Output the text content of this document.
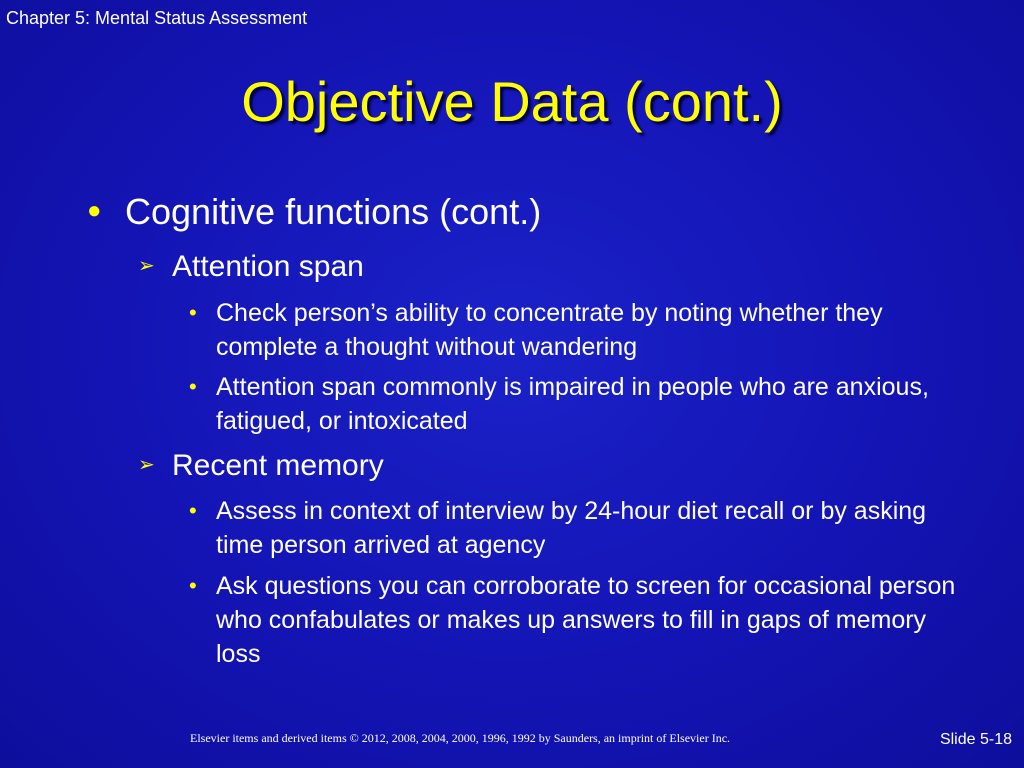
Chapter 5: Mental Status Assessment
Objective Data (cont.)
● Cognitive functions (cont.)
➢ Attention span
• Check person’s ability to concentrate by noting whether they complete a thought without wandering
• Attention span commonly is impaired in people who are anxious, fatigued, or intoxicated
➢ Recent memory
• Assess in context of interview by 24-hour diet recall or by asking time person arrived at agency
• Ask questions you can corroborate to screen for occasional person who confabulates or makes up answers to fill in gaps of memory loss
Elsevier items and derived items © 2012, 2008, 2004, 2000, 1996, 1992 by Saunders, an imprint of Elsevier Inc.	Slide 5-18
